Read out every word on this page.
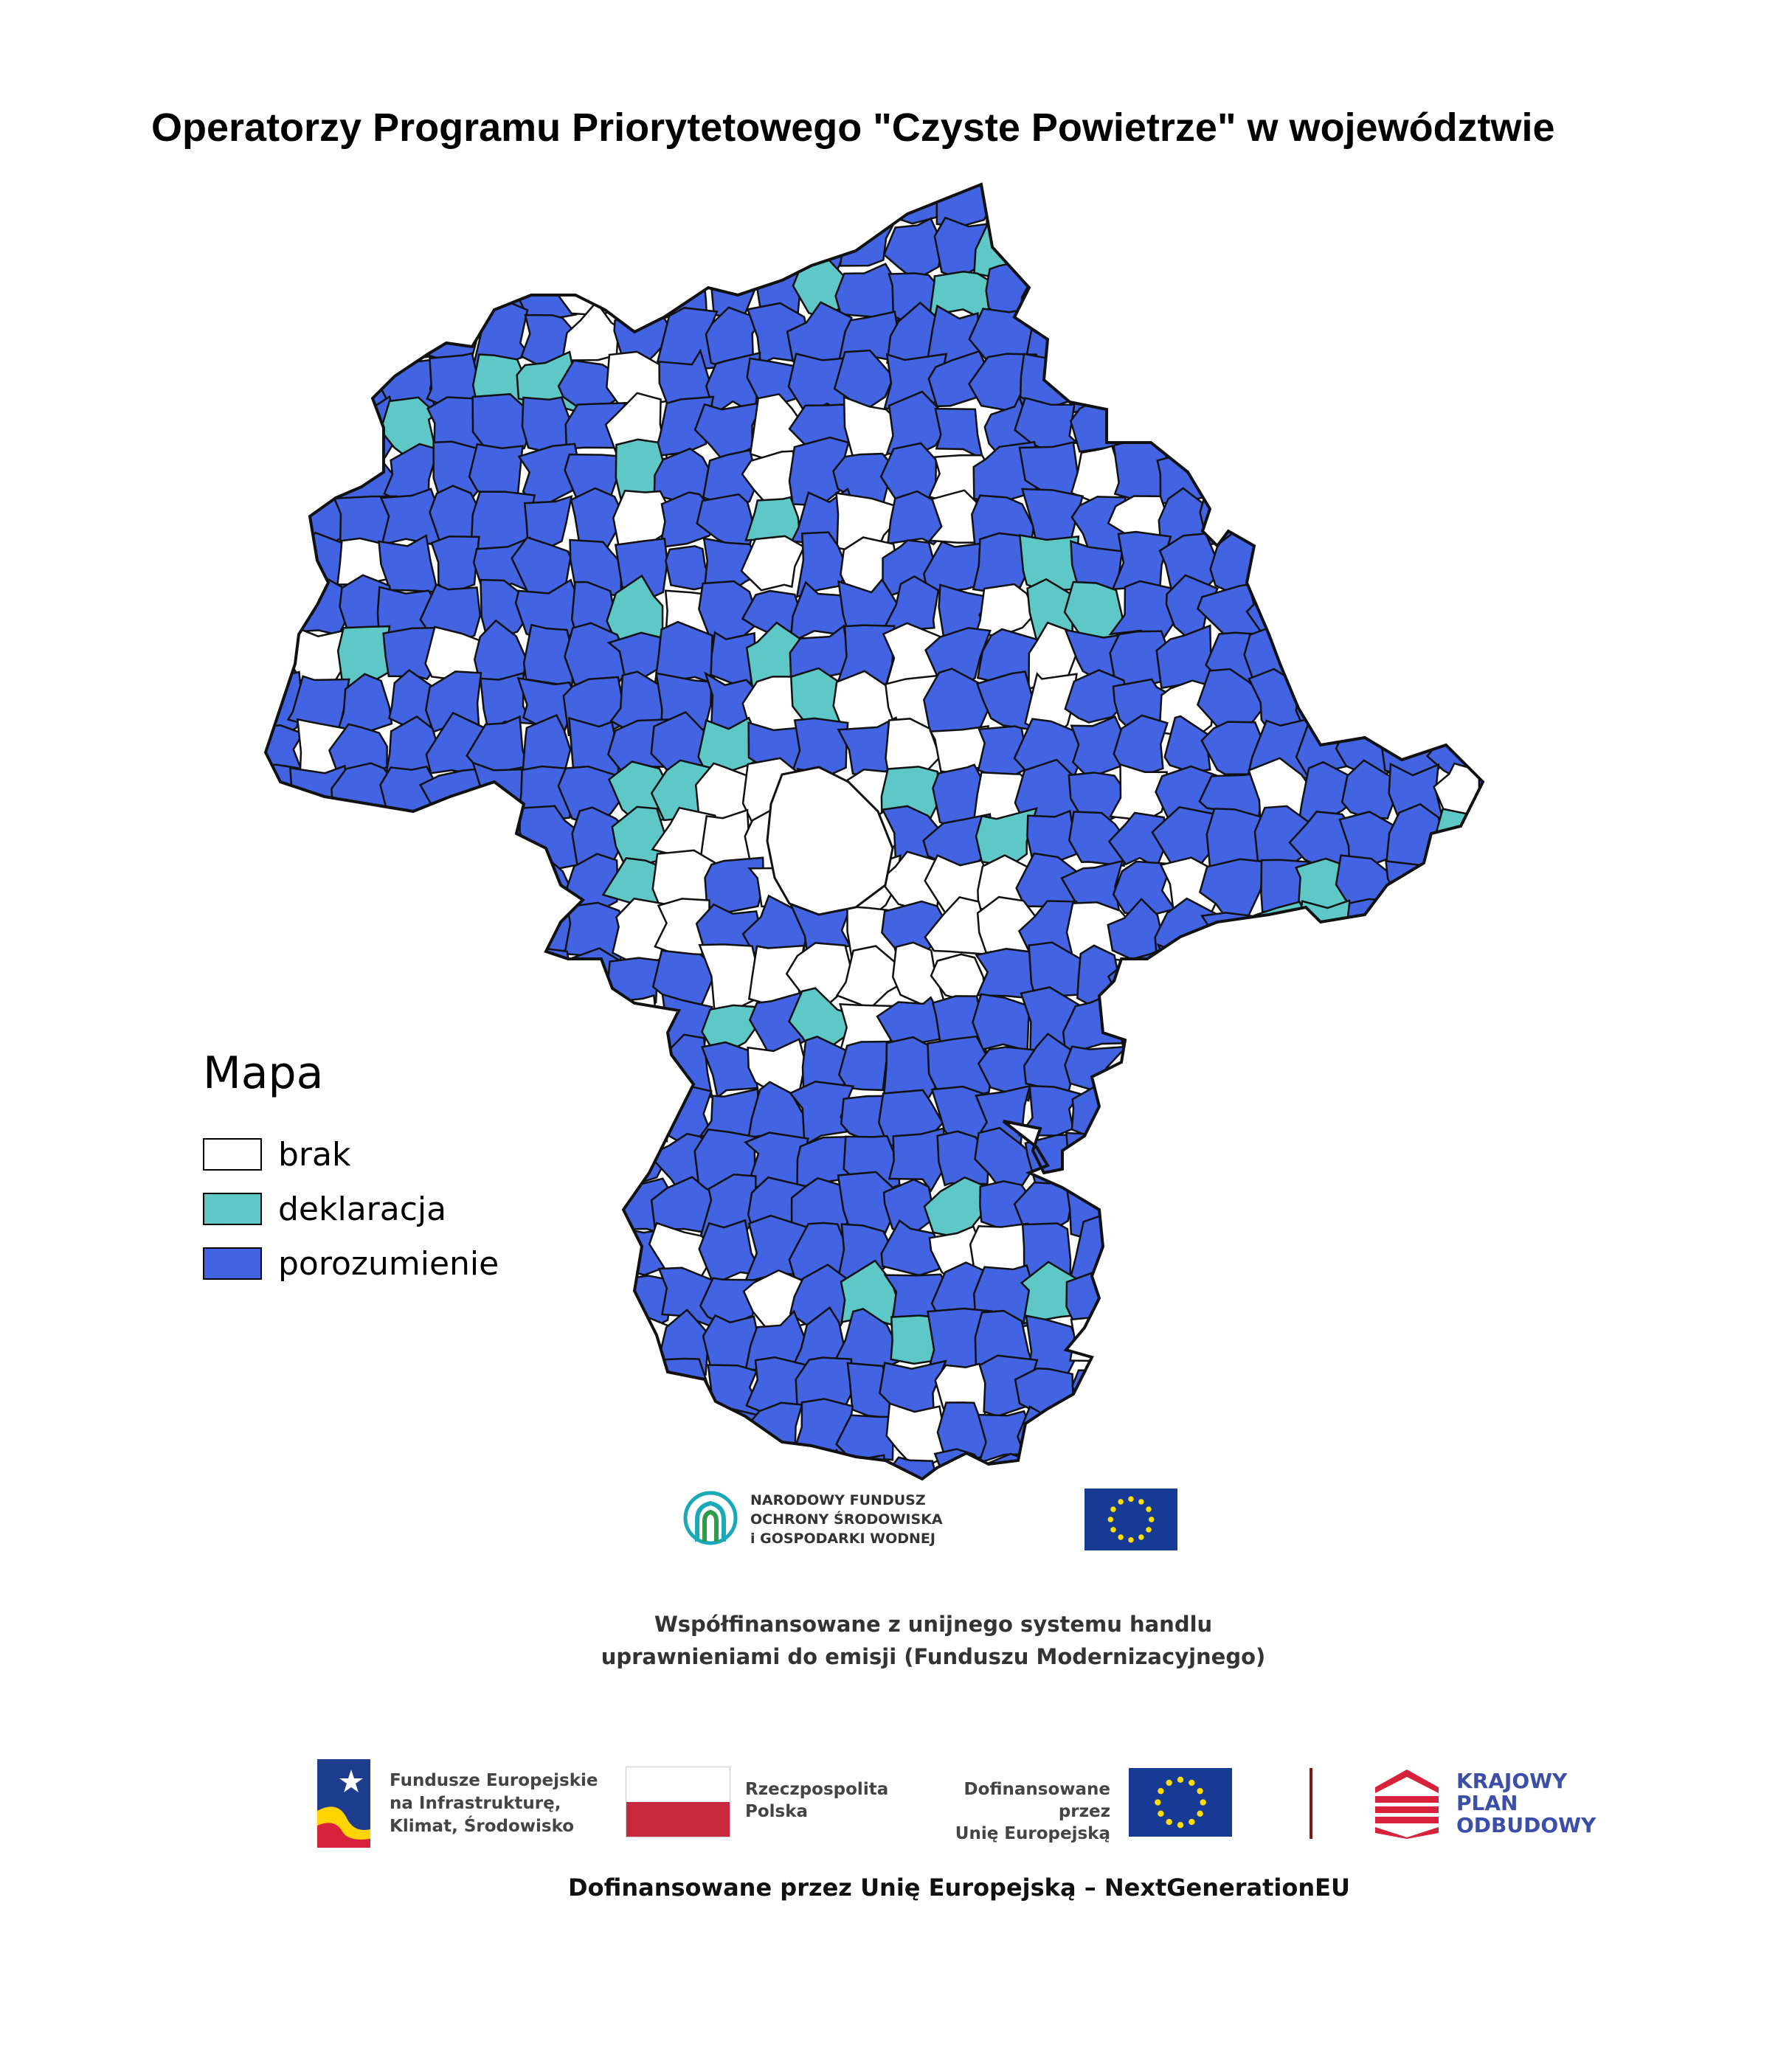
Operatorzy Programu Priorytetowego "Czyste Powietrze" w województwie
Mapa
brak
deklaracja
porozumienie
NARODOWY FUNDUSZ
OCHRONY ŚRODOWISKA
i GOSPODARKI WODNEJ
Współfinansowane z unijnego systemu handlu
uprawnieniami do emisji (Funduszu Modernizacyjnego)
Fundusze Europejskie
na Infrastrukturę,
Klimat, Środowisko
Rzeczpospolita
Polska
Dofinansowane przez
Unię Europejską
KRAJOWY
PLAN
ODBUDOWY
Dofinansowane przez Unię Europejską – NextGenerationEU
